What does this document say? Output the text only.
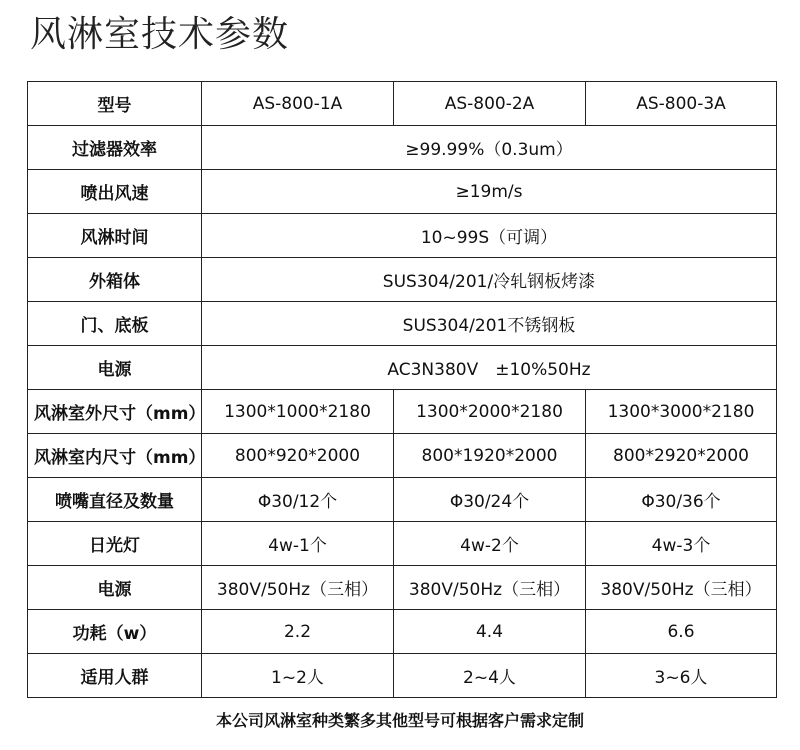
风淋室技术参数
型号	AS-800-1A	AS-800-2A	AS-800-3A
过滤器效率	≥99.99%（0.3um）		
喷出风速	≥19m/s		
风淋时间	10~99S（可调）		
外箱体	SUS304/201/冷轧钢板烤漆		
门、底板	SUS304/201不锈钢板		
电源	AC3N380V　±10%50Hz		
风淋室外尺寸（mm）	1300*1000*2180	1300*2000*2180	1300*3000*2180
风淋室内尺寸（mm）	800*920*2000	800*1920*2000	800*2920*2000
喷嘴直径及数量	Φ30/12个	Φ30/24个	Φ30/36个
日光灯	4w-1个	4w-2个	4w-3个
电源	380V/50Hz（三相）	380V/50Hz（三相）	380V/50Hz（三相）
功耗（w）	2.2	4.4	6.6
适用人群	1~2人	2~4人	3~6人
本公司风淋室种类繁多其他型号可根据客户需求定制
